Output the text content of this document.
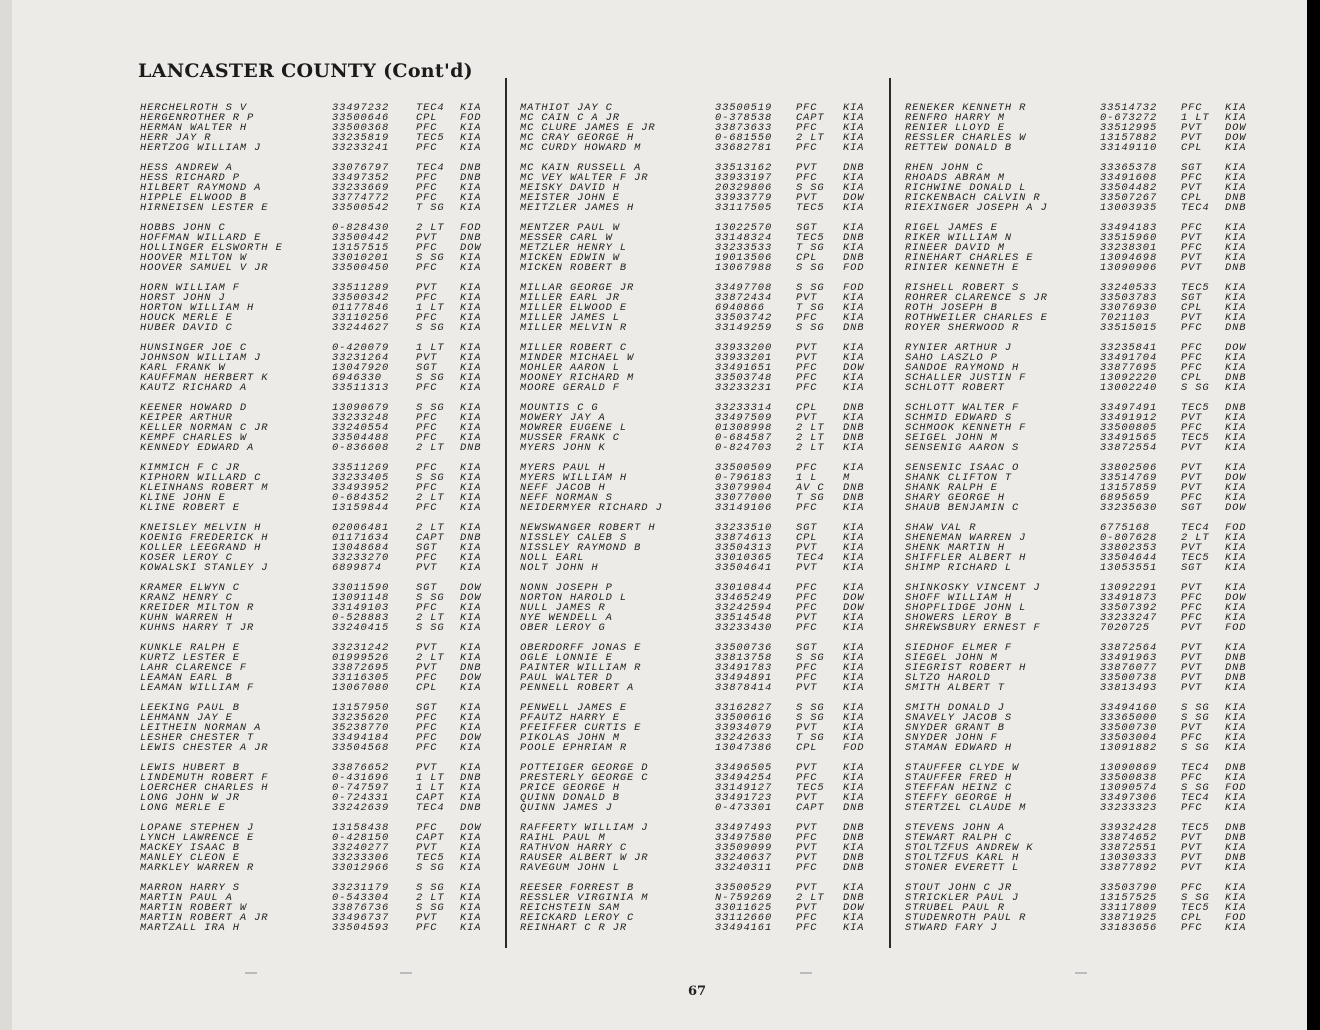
LANCASTER COUNTY (Cont'd)
HERCHELROTH S V	33497232	TEC4 KIA
HERGENROTHER R P	33500646	CPL FOD
HERMAN WALTER H	33500368	PFC KIA
HERR JAY R	33235819	TEC5 KIA
HERTZOG WILLIAM J	33233241	PFC KIA
HESS ANDREW A	33076797	TEC4 DNB
HESS RICHARD P	33497352	PFC DNB
HILBERT RAYMOND A	33233669	PFC KIA
HIPPLE ELWOOD B	33774772	PFC KIA
HIRNEISEN LESTER E	33500542	T SG KIA
HOBBS JOHN C	0-828430	2 LT FOD
HOFFMAN WILLARD E	33500442	PVT DNB
HOLLINGER ELSWORTH E	13157515	PFC DOW
HOOVER MILTON W	33010201	S SG KIA
HOOVER SAMUEL V JR	33500450	PFC KIA
HORN WILLIAM F	33511289	PVT KIA
HORST JOHN J	33500342	PFC KIA
HORTON WILLIAM H	01177846	1 LT KIA
HOUCK MERLE E	33110256	PFC KIA
HUBER DAVID C	33244627	S SG KIA
HUNSINGER JOE C	0-420079	1 LT KIA
JOHNSON WILLIAM J	33231264	PVT KIA
KARL FRANK W	13047920	SGT KIA
KAUFFMAN HERBERT K	6946330	S SG KIA
KAUTZ RICHARD A	33511313	PFC KIA
KEENER HOWARD D	13090679	S SG KIA
KEIPER ARTHUR	33233248	PFC KIA
KELLER NORMAN C JR	33240554	PFC KIA
KEMPF CHARLES W	33504488	PFC KIA
KENNEDY EDWARD A	0-836608	2 LT DNB
KIMMICH F C JR	33511269	PFC KIA
KIPHORN WILLARD C	33233405	S SG KIA
KLEINHANS ROBERT M	33493952	PFC KIA
KLINE JOHN E	0-684352	2 LT KIA
KLINE ROBERT E	13159844	PFC KIA
KNEISLEY MELVIN H	02006481	2 LT KIA
KOENIG FREDERICK H	01171634	CAPT DNB
KOLLER LEEGRAND H	13048684	SGT KIA
KOSER LEROY C	33233270	PFC KIA
KOWALSKI STANLEY J	6899874	PVT KIA
KRAMER ELWYN C	33011590	SGT DOW
KRANZ HENRY C	13091148	S SG DOW
KREIDER MILTON R	33149103	PFC KIA
KUHN WARREN H	0-528883	2 LT KIA
KUHNS HARRY T JR	33240415	S SG KIA
KUNKLE RALPH E	33231242	PVT KIA
KURTZ LESTER E	01999526	2 LT KIA
LAHR CLARENCE F	33872695	PVT DNB
LEAMAN EARL B	33116305	PFC DOW
LEAMAN WILLIAM F	13067080	CPL KIA
LEEKING PAUL B	13157950	SGT KIA
LEHMANN JAY E	33235620	PFC KIA
LEITHEIN NORMAN A	35238770	PFC KIA
LESHER CHESTER T	33494184	PFC DOW
LEWIS CHESTER A JR	33504568	PFC KIA
LEWIS HUBERT B	33876652	PVT KIA
LINDEMUTH ROBERT F	0-431696	1 LT DNB
LOERCHER CHARLES H	0-747597	1 LT KIA
LONG JOHN W JR	0-724331	CAPT KIA
LONG MERLE E	33242639	TEC4 DNB
LOPANE STEPHEN J	13158438	PFC DOW
LYNCH LAWRENCE E	0-428150	CAPT KIA
MACKEY ISAAC B	33240277	PVT KIA
MANLEY CLEON E	33233306	TEC5 KIA
MARKLEY WARREN R	33012966	S SG KIA
MARRON HARRY S	33231179	S SG KIA
MARTIN PAUL A	0-543304	2 LT KIA
MARTIN ROBERT W	33876736	S SG KIA
MARTIN ROBERT A JR	33496737	PVT KIA
MARTZALL IRA H	33504593	PFC KIA
MATHIOT JAY C	33500519 PFC KIA
MC CAIN C A JR	0-378538 CAPT KIA
MC CLURE JAMES E JR	33873633 PFC KIA
MC CRAY GEORGE H	0-681550 2 LT KIA
MC CURDY HOWARD M	33682781 PFC KIA
MC KAIN RUSSELL A	33513162 PVT DNB
MC VEY WALTER F JR	33933197 PFC KIA
MEISKY DAVID H	20329806 S SG KIA
MEISTER JOHN E	33933779 PVT DOW
MEITZLER JAMES H	33117505 TEC5 KIA
MENTZER PAUL W	13022570 SGT KIA
MESSER CARL W	33148324 TEC5 DNB
METZLER HENRY L	33233533 T SG KIA
MICKEN EDWIN W	19013506 CPL DNB
MICKEN ROBERT B	13067988 S SG FOD
MILLAR GEORGE JR	33497708 S SG FOD
MILLER EARL JR	33872434 PVT KIA
MILLER ELWOOD E	6940866	T SG KIA
MILLER JAMES L	33503742 PFC KIA
MILLER MELVIN R	33149259 S SG DNB
MILLER ROBERT C	33933200 PVT KIA
MINDER MICHAEL W	33933201 PVT KIA
MOHLER AARON L	33491651 PFC DOW
MOONEY RICHARD M	33503748 PFC KIA
MOORE GERALD F	33233231 PFC KIA
MOUNTIS C G	33233314 CPL DNB
MOWERY JAY A	33497509 PVT KIA
MOWRER EUGENE L	01308998 2 LT DNB
MUSSER FRANK C	0-684587 2 LT DNB
MYERS JOHN K	0-824703 2 LT KIA
MYERS PAUL H	33500509 PFC KIA
MYERS WILLIAM H	0-796183 1 L M
NEFF JACOB H	33079904 AV C DNB
NEFF NORMAN S	33077000 T SG DNB
NEIDERMYER RICHARD J	33149106 PFC KIA
NEWSWANGER ROBERT H	33233510 SGT KIA
NISSLEY CALEB S	33874613 CPL KIA
NISSLEY RAYMOND B	33504313 PVT KIA
NOLL EARL	33010365 TEC4 KIA
NOLT JOHN H	33504641 PVT KIA
NONN JOSEPH P	33010844 PFC KIA
NORTON HAROLD L	33465249 PFC DOW
NULL JAMES R	33242594 PFC DOW
NYE WENDELL A	33514548 PVT KIA
OBER LEROY G	33233430 PFC KIA
OBERDORFF JONAS E	33500736 SGT KIA
OGLE LONNIE E	33813758 S SG KIA
PAINTER WILLIAM R	33491783 PFC KIA
PAUL WALTER D	33494891 PFC KIA
PENNELL ROBERT A	33878414 PVT KIA
PENWELL JAMES E	33162827 S SG KIA
PFAUTZ HARRY E	33500616 S SG KIA
PFEIFFER CURTIS E	33934079 PVT KIA
PIKOLAS JOHN M	33242633 T SG KIA
POOLE EPHRIAM R	13047386 CPL FOD
POTTEIGER GEORGE D	33496505 PVT KIA
PRESTERLY GEORGE C	33494254 PFC KIA
PRICE GEORGE H	33149127 TEC5 KIA
QUINN DONALD B	33491723 PVT KIA
QUINN JAMES J	0-473301 CAPT DNB
RAFFERTY WILLIAM J	33497493 PVT DNB
RAIHL PAUL M	33497580 PFC DNB
RATHVON HARRY C	33509099 PVT KIA
RAUSER ALBERT W JR	33240637 PVT DNB
RAVEGUM JOHN L	33240311 PFC DNB
REESER FORREST B	33500529 PVT KIA
RESSLER VIRGINIA M	N-759269 2 LT DNB
REICHSTEIN SAM	33011625 PVT DOW
REICKARD LEROY C	33112660 PFC KIA
REINHART C R JR	33494161 PFC KIA
RENEKER KENNETH R	33514732 PFC KIA
RENFRO HARRY M	0-673272 1 LT KIA
RENIER LLOYD E	33512995 PVT DOW
RESSLER CHARLES W	13157882 PVT DOW
RETTEW DONALD B	33149110 CPL KIA
RHEN JOHN C	33365378 SGT KIA
RHOADS ABRAM M	33491608 PFC KIA
RICHWINE DONALD L	33504482 PVT KIA
RICKENBACH CALVIN R	33507267 CPL DNB
RIEXINGER JOSEPH A J	13003935 TEC4 DNB
RIGEL JAMES E	33494183 PFC KIA
RIKER WILLIAM N	33515960 PVT KIA
RINEER DAVID M	33238301 PFC KIA
RINEHART CHARLES E	13094698 PVT KIA
RINIER KENNETH E	13090906 PVT DNB
RISHELL ROBERT S	33240533 TEC5 KIA
ROHRER CLARENCE S JR	33503783 SGT KIA
ROTH JOSEPH B	33076930 CPL KIA
ROTHWEILER CHARLES E	7021103	PVT KIA
ROYER SHERWOOD R	33515015 PFC DNB
RYNIER ARTHUR J	33235841 PFC DOW
SAHO LASZLO P	33491704 PFC KIA
SANDOE RAYMOND H	33877695 PFC KIA
SCHALLER JUSTIN F	13092220 CPL DNB
SCHLOTT ROBERT	13002240 S SG KIA
SCHLOTT WALTER F	33497491 TEC5 DNB
SCHMID EDWARD S	33491912 PVT KIA
SCHMOOK KENNETH F	33500805 PFC KIA
SEIGEL JOHN M	33491565 TEC5 KIA
SENSENIG AARON S	33872554 PVT KIA
SENSENIC ISAAC O	33802506 PVT KIA
SHANK CLIFTON T	33514769 PVT DOW
SHANK RALPH E	13157859 PVT KIA
SHARY GEORGE H	6895659	PFC KIA
SHAUB BENJAMIN C	33235630 SGT DOW
SHAW VAL R	6775168	TEC4 FOD
SHENEMAN WARREN J	0-807628 2 LT KIA
SHENK MARTIN H	33802353 PVT KIA
SHIFFLER ALBERT H	33504644 TEC5 KIA
SHIMP RICHARD L	13053551 SGT KIA
SHINKOSKY VINCENT J	13092291 PVT KIA
SHOFF WILLIAM H	33491873 PFC DOW
SHOPFLIDGE JOHN L	33507392 PFC KIA
SHOWERS LEROY B	33233247 PFC KIA
SHREWSBURY ERNEST F	7020725	PVT FOD
SIEDHOF ELMER F	33872564 PVT KIA
SIEGEL JOHN M	33491963 PVT DNB
SIEGRIST ROBERT H	33876077 PVT DNB
SLTZO HAROLD	33500738 PVT DNB
SMITH ALBERT T	33813493 PVT KIA
SMITH DONALD J	33494160 S SG KIA
SNAVELY JACOB S	33365000 S SG KIA
SNYDER GRANT B	33500730 PVT KIA
SNYDER JOHN F	33503004 PFC KIA
STAMAN EDWARD H	13091882 S SG KIA
STAUFFER CLYDE W	13090869 TEC4 DNB
STAUFFER FRED H	33500838 PFC KIA
STEFFAN HEINZ C	13090574 S SG FOD
STEFFY GEORGE H	33497306 TEC4 KIA
STERTZEL CLAUDE M	33233323 PFC KIA
STEVENS JOHN A	33932428 TEC5 DNB
STEWART RALPH C	33874652 PVT DNB
STOLTZFUS ANDREW K	33872551 PVT KIA
STOLTZFUS KARL H	13030333 PVT DNB
STONER EVERETT L	33877892 PVT KIA
STOUT JOHN C JR	33503790 PFC KIA
STRICKLER PAUL J	13157525 S SG KIA
STRUBEL PAUL R	33117809 TEC5 KIA
STUDENROTH PAUL R	33871925 CPL FOD
STWARD FARY J	33183656 PFC KIA
67
